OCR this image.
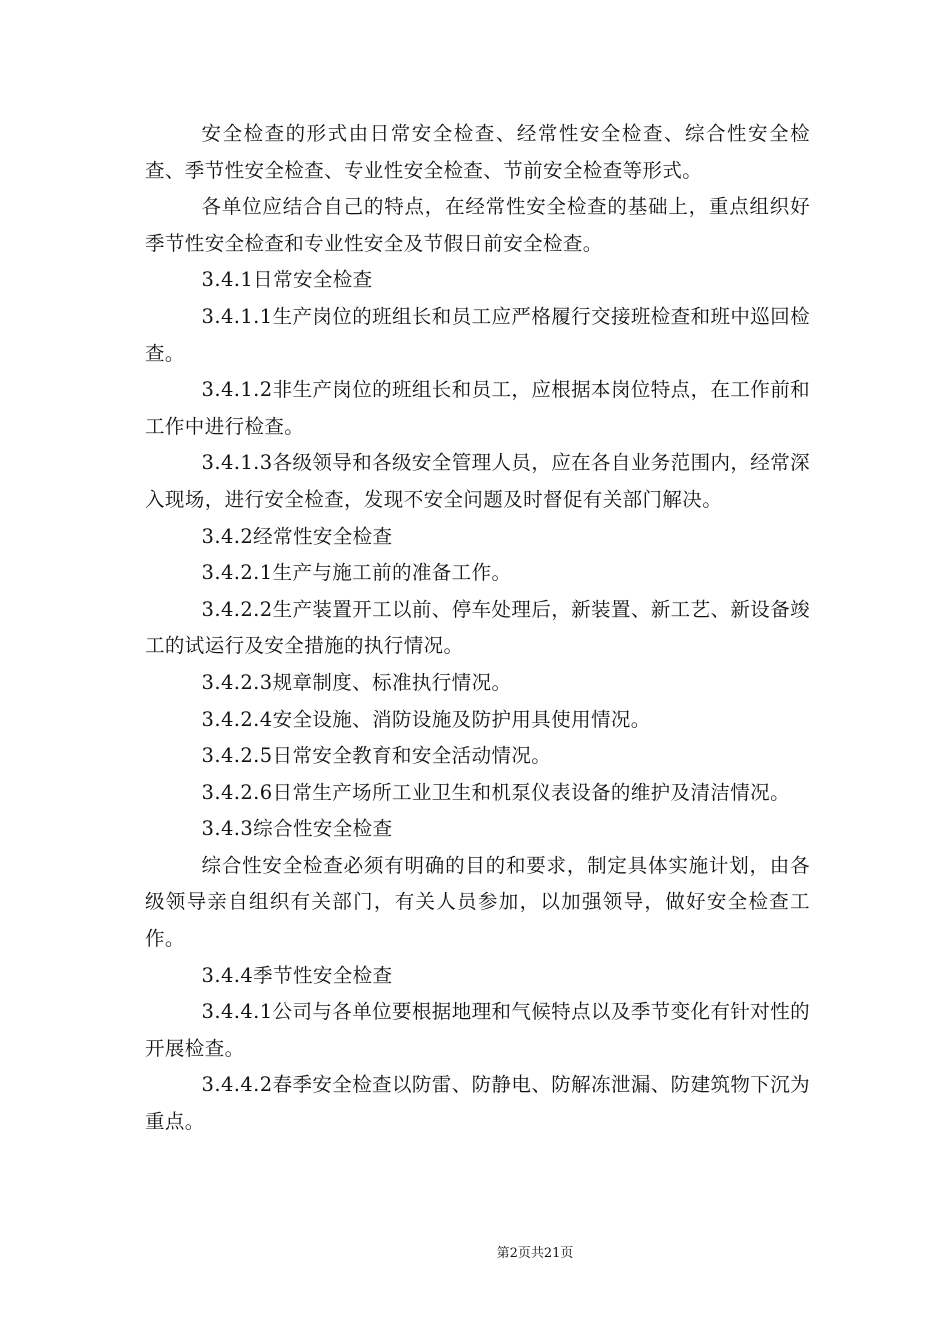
安全检查的形式由日常安全检查、经常性安全检查、综合性安全检查、季节性安全检查、专业性安全检查、节前安全检查等形式。

各单位应结合自己的特点，在经常性安全检查的基础上，重点组织好季节性安全检查和专业性安全及节假日前安全检查。

3.4.1日常安全检查

3.4.1.1生产岗位的班组长和员工应严格履行交接班检查和班中巡回检查。

3.4.1.2非生产岗位的班组长和员工，应根据本岗位特点，在工作前和工作中进行检查。

3.4.1.3各级领导和各级安全管理人员，应在各自业务范围内，经常深入现场，进行安全检查，发现不安全问题及时督促有关部门解决。

3.4.2经常性安全检查

3.4.2.1生产与施工前的准备工作。

3.4.2.2生产装置开工以前、停车处理后，新装置、新工艺、新设备竣工的试运行及安全措施的执行情况。

3.4.2.3规章制度、标准执行情况。

3.4.2.4安全设施、消防设施及防护用具使用情况。

3.4.2.5日常安全教育和安全活动情况。

3.4.2.6日常生产场所工业卫生和机泵仪表设备的维护及清洁情况。

3.4.3综合性安全检查

综合性安全检查必须有明确的目的和要求，制定具体实施计划，由各级领导亲自组织有关部门，有关人员参加，以加强领导，做好安全检查工作。

3.4.4季节性安全检查

3.4.4.1公司与各单位要根据地理和气候特点以及季节变化有针对性的开展检查。

3.4.4.2春季安全检查以防雷、防静电、防解冻泄漏、防建筑物下沉为重点。

第2页共21页
